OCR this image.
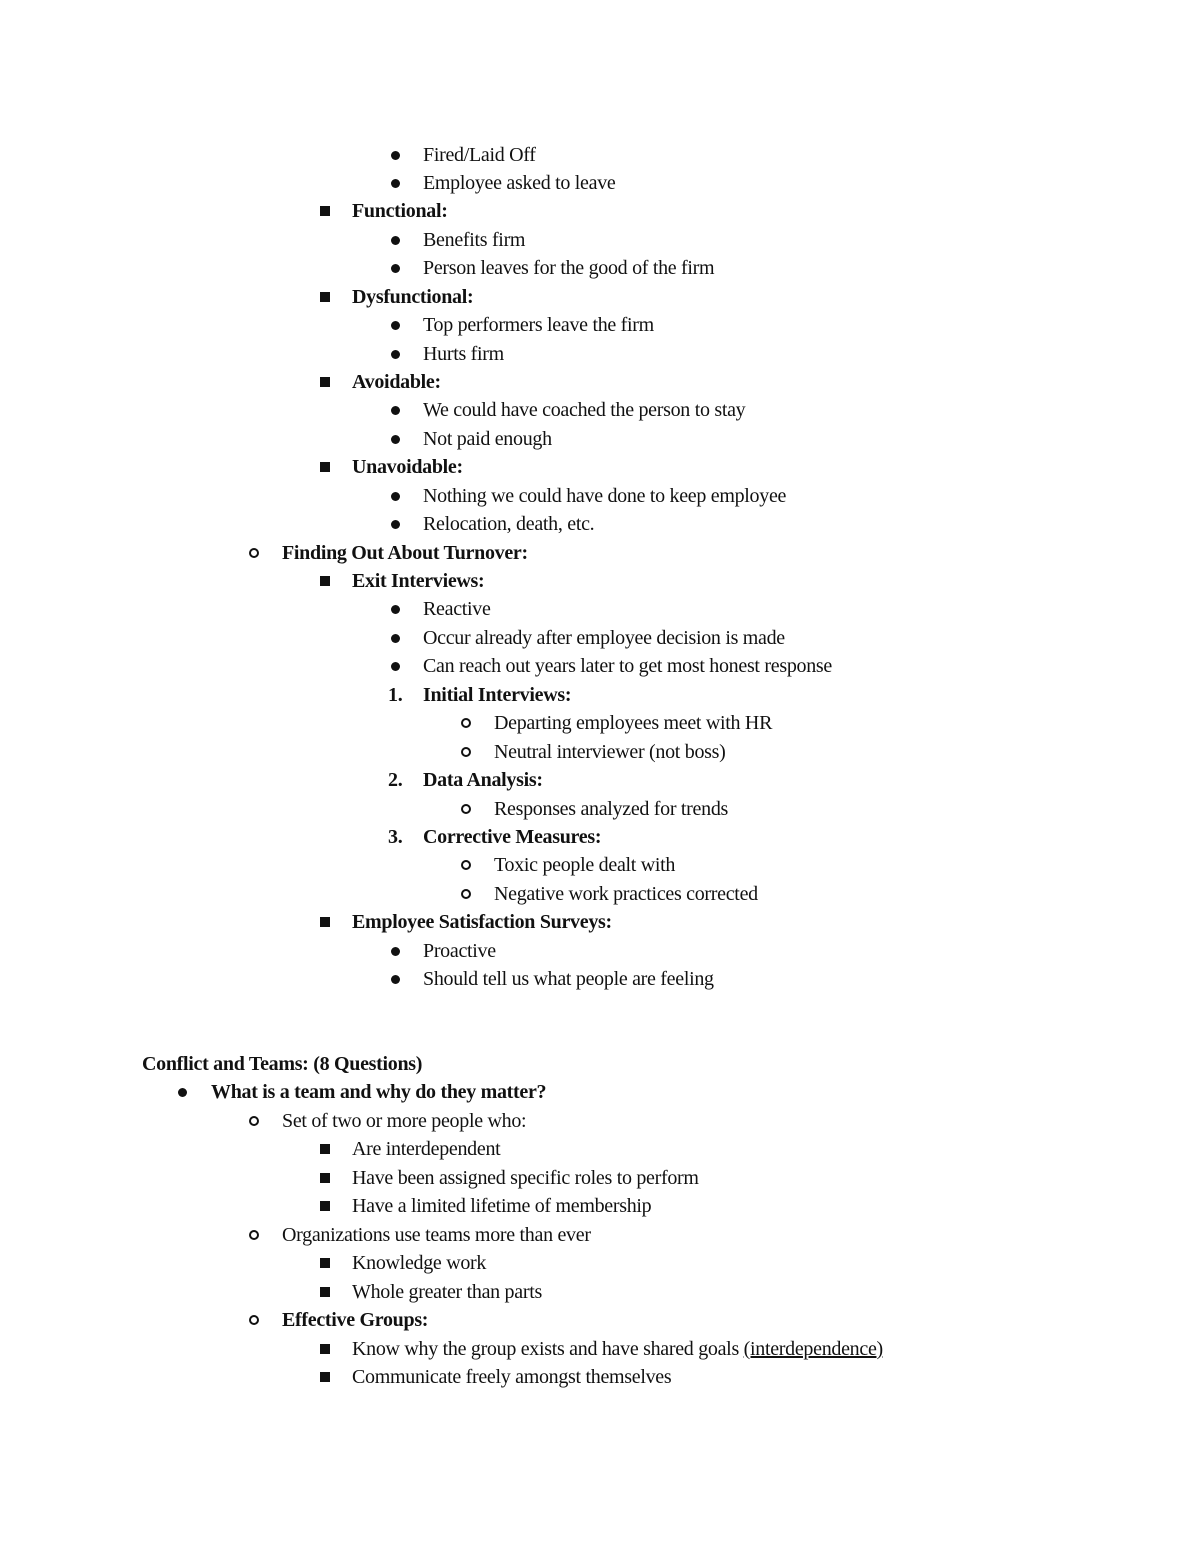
Fired/Laid Off
Employee asked to leave
Functional:
Benefits firm
Person leaves for the good of the firm
Dysfunctional:
Top performers leave the firm
Hurts firm
Avoidable:
We could have coached the person to stay
Not paid enough
Unavoidable:
Nothing we could have done to keep employee
Relocation, death, etc.
Finding Out About Turnover:
Exit Interviews:
Reactive
Occur already after employee decision is made
Can reach out years later to get most honest response
1. Initial Interviews:
Departing employees meet with HR
Neutral interviewer (not boss)
2. Data Analysis:
Responses analyzed for trends
3. Corrective Measures:
Toxic people dealt with
Negative work practices corrected
Employee Satisfaction Surveys:
Proactive
Should tell us what people are feeling
Conflict and Teams: (8 Questions)
What is a team and why do they matter?
Set of two or more people who:
Are interdependent
Have been assigned specific roles to perform
Have a limited lifetime of membership
Organizations use teams more than ever
Knowledge work
Whole greater than parts
Effective Groups:
Know why the group exists and have shared goals (interdependence)
Communicate freely amongst themselves
